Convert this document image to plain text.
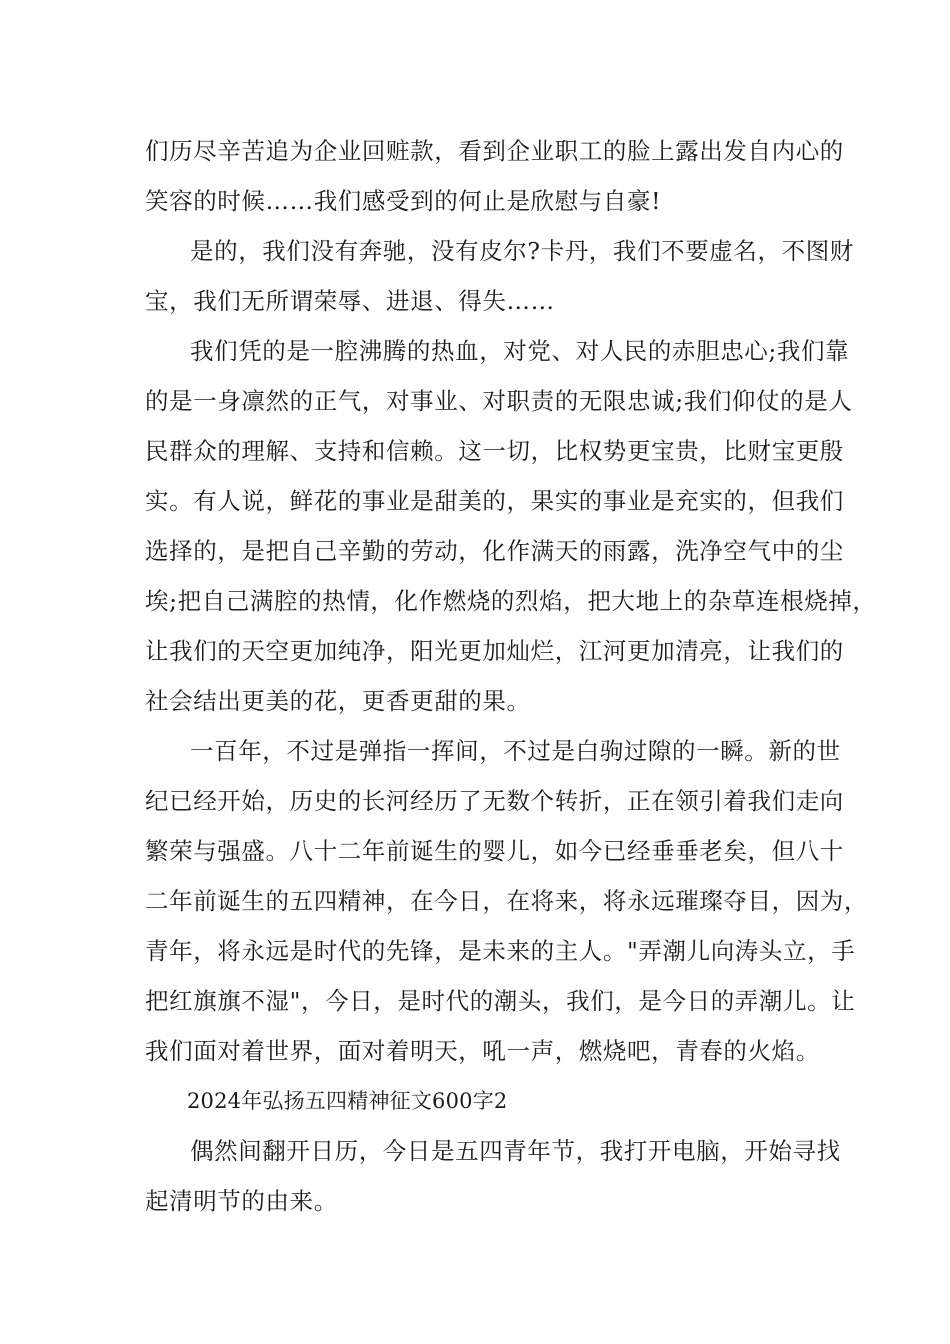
们历尽辛苦追为企业回赃款，看到企业职工的脸上露出发自内心的

笑容的时候……我们感受到的何止是欣慰与自豪!

是的，我们没有奔驰，没有皮尔?卡丹，我们不要虚名，不图财

宝，我们无所谓荣辱、进退、得失……

我们凭的是一腔沸腾的热血，对党、对人民的赤胆忠心;我们靠

的是一身凛然的正气，对事业、对职责的无限忠诚;我们仰仗的是人

民群众的理解、支持和信赖。这一切，比权势更宝贵，比财宝更殷

实。有人说，鲜花的事业是甜美的，果实的事业是充实的，但我们

选择的，是把自己辛勤的劳动，化作满天的雨露，洗净空气中的尘

埃;把自己满腔的热情，化作燃烧的烈焰，把大地上的杂草连根烧掉，

让我们的天空更加纯净，阳光更加灿烂，江河更加清亮，让我们的

社会结出更美的花，更香更甜的果。

一百年，不过是弹指一挥间，不过是白驹过隙的一瞬。新的世

纪已经开始，历史的长河经历了无数个转折，正在领引着我们走向

繁荣与强盛。八十二年前诞生的婴儿，如今已经垂垂老矣，但八十

二年前诞生的五四精神，在今日，在将来，将永远璀璨夺目，因为，

青年，将永远是时代的先锋，是未来的主人。"弄潮儿向涛头立，手

把红旗旗不湿"，今日，是时代的潮头，我们，是今日的弄潮儿。让

我们面对着世界，面对着明天，吼一声，燃烧吧，青春的火焰。

2024年弘扬五四精神征文600字2

偶然间翻开日历，今日是五四青年节，我打开电脑，开始寻找

起清明节的由来。
